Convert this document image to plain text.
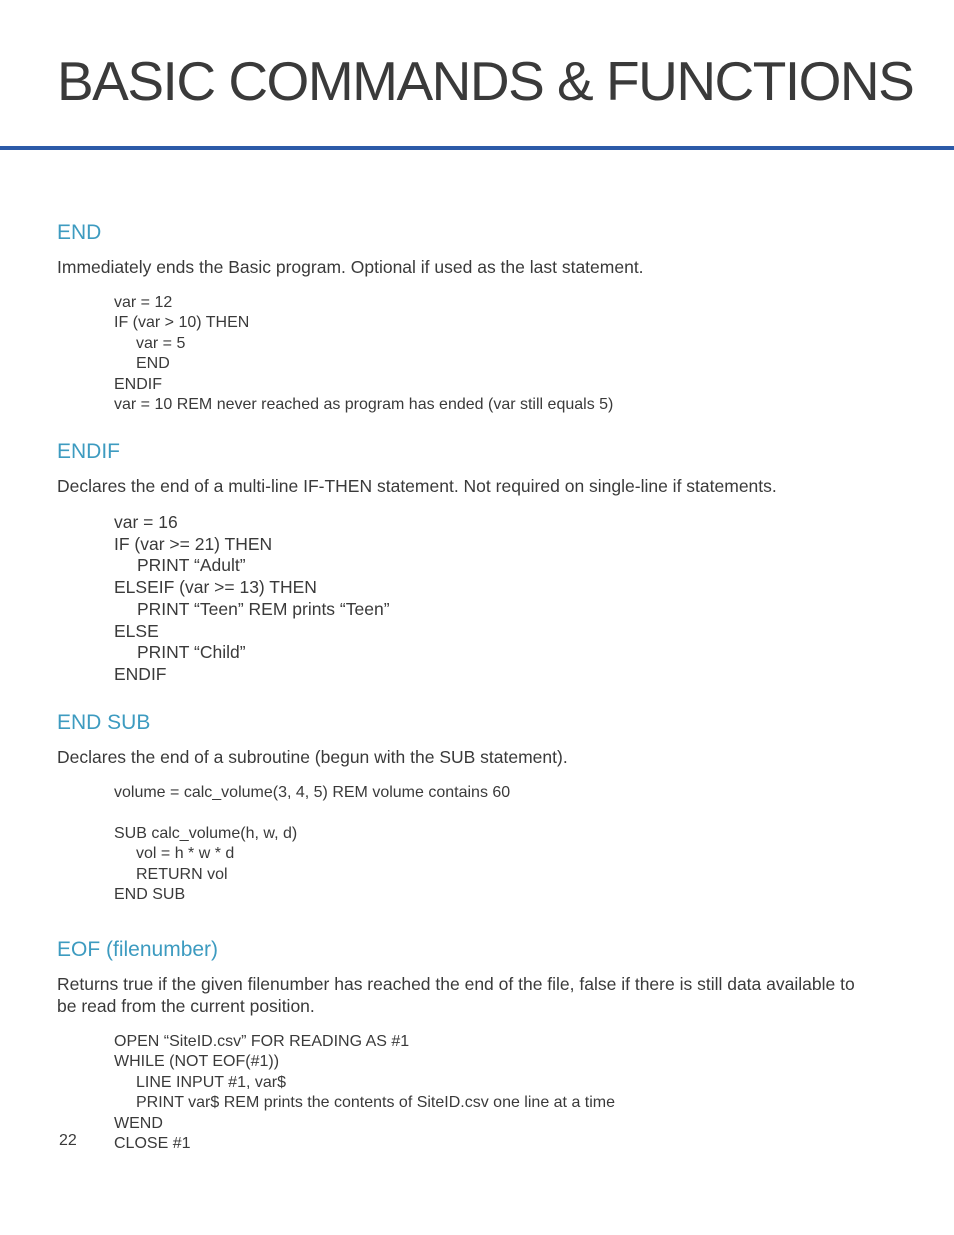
BASIC COMMANDS & FUNCTIONS
END

Immediately ends the Basic program. Optional if used as the last statement.

var = 12
IF (var > 10) THEN
var = 5
END
ENDIF
var = 10 REM never reached as program has ended (var still equals 5)
ENDIF

Declares the end of a multi-line IF-THEN statement. Not required on single-line if statements.

var = 16
IF (var >= 21) THEN
PRINT “Adult”
ELSEIF (var >= 13) THEN
PRINT “Teen” REM prints “Teen”
ELSE
PRINT “Child”
ENDIF
END SUB

Declares the end of a subroutine (begun with the SUB statement).

volume = calc_volume(3, 4, 5) REM volume contains 60
SUB calc_volume(h, w, d)
vol = h * w * d
RETURN vol
END SUB
EOF (filenumber)

Returns true if the given filenumber has reached the end of the file, false if there is still data available to be read from the current position.

OPEN “SiteID.csv” FOR READING AS #1
WHILE (NOT EOF(#1))
LINE INPUT #1, var$
PRINT var$ REM prints the contents of SiteID.csv one line at a time
WEND
CLOSE #1
22
